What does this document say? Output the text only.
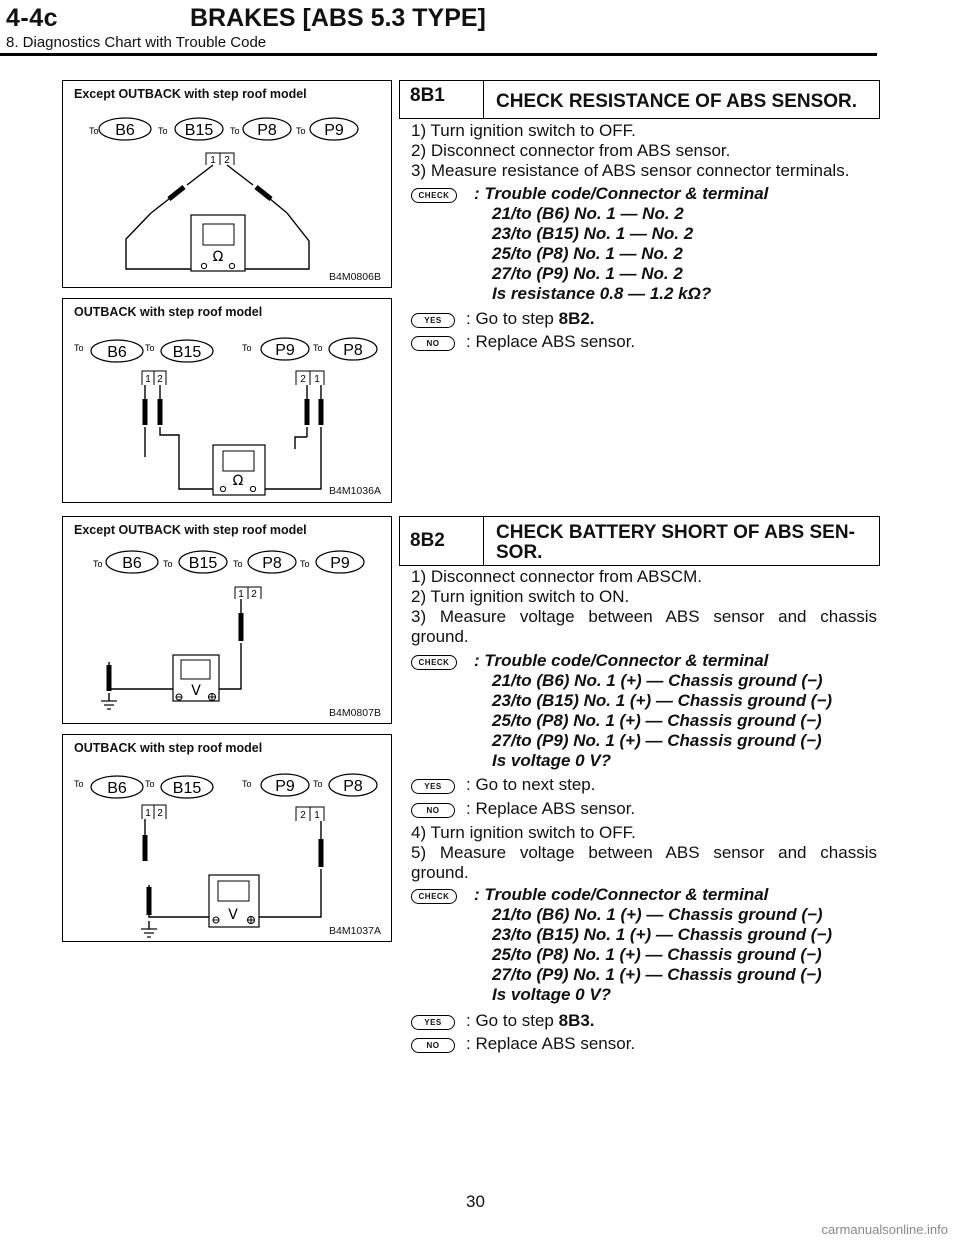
4-4c	BRAKES [ABS 5.3 TYPE]
8. Diagnostics Chart with Trouble Code
Except OUTBACK with step roof model
To	To	To	To
B6	B15	P8	P9
1 2
Ω
B4M0806B
OUTBACK with step roof model
To	To	To	To
B6	B15	P9	P8
1 2	2 1
Ω
B4M1036A
Except OUTBACK with step roof model
To	To	To	To
B6	B15	P8	P9
1 2
V
B4M0807B
OUTBACK with step roof model
To	To	To	To
B6	B15	P9	P8
1 2	2 1
V
B4M1037A
8B1	CHECK RESISTANCE OF ABS SENSOR.
1) Turn ignition switch to OFF.
2) Disconnect connector from ABS sensor.
3) Measure resistance of ABS sensor connector terminals.
CHECK	: Trouble code/Connector & terminal
21/to (B6) No. 1 — No. 2
23/to (B15) No. 1 — No. 2
25/to (P8) No. 1 — No. 2
27/to (P9) No. 1 — No. 2
Is resistance 0.8 — 1.2 kΩ?
YES	: Go to step 8B2.
NO	: Replace ABS sensor.
8B2	CHECK BATTERY SHORT OF ABS SEN-
SOR.
1) Disconnect connector from ABSCM.
2) Turn ignition switch to ON.
3) Measure voltage between ABS sensor and chassis
ground.
CHECK	: Trouble code/Connector & terminal
21/to (B6) No. 1 (+) — Chassis ground (−)
23/to (B15) No. 1 (+) — Chassis ground (−)
25/to (P8) No. 1 (+) — Chassis ground (−)
27/to (P9) No. 1 (+) — Chassis ground (−)
Is voltage 0 V?
YES	: Go to next step.
NO	: Replace ABS sensor.
4) Turn ignition switch to OFF.
5) Measure voltage between ABS sensor and chassis
ground.
CHECK	: Trouble code/Connector & terminal
21/to (B6) No. 1 (+) — Chassis ground (−)
23/to (B15) No. 1 (+) — Chassis ground (−)
25/to (P8) No. 1 (+) — Chassis ground (−)
27/to (P9) No. 1 (+) — Chassis ground (−)
Is voltage 0 V?
YES	: Go to step 8B3.
NO	: Replace ABS sensor.
30
carmanualsonline.info
